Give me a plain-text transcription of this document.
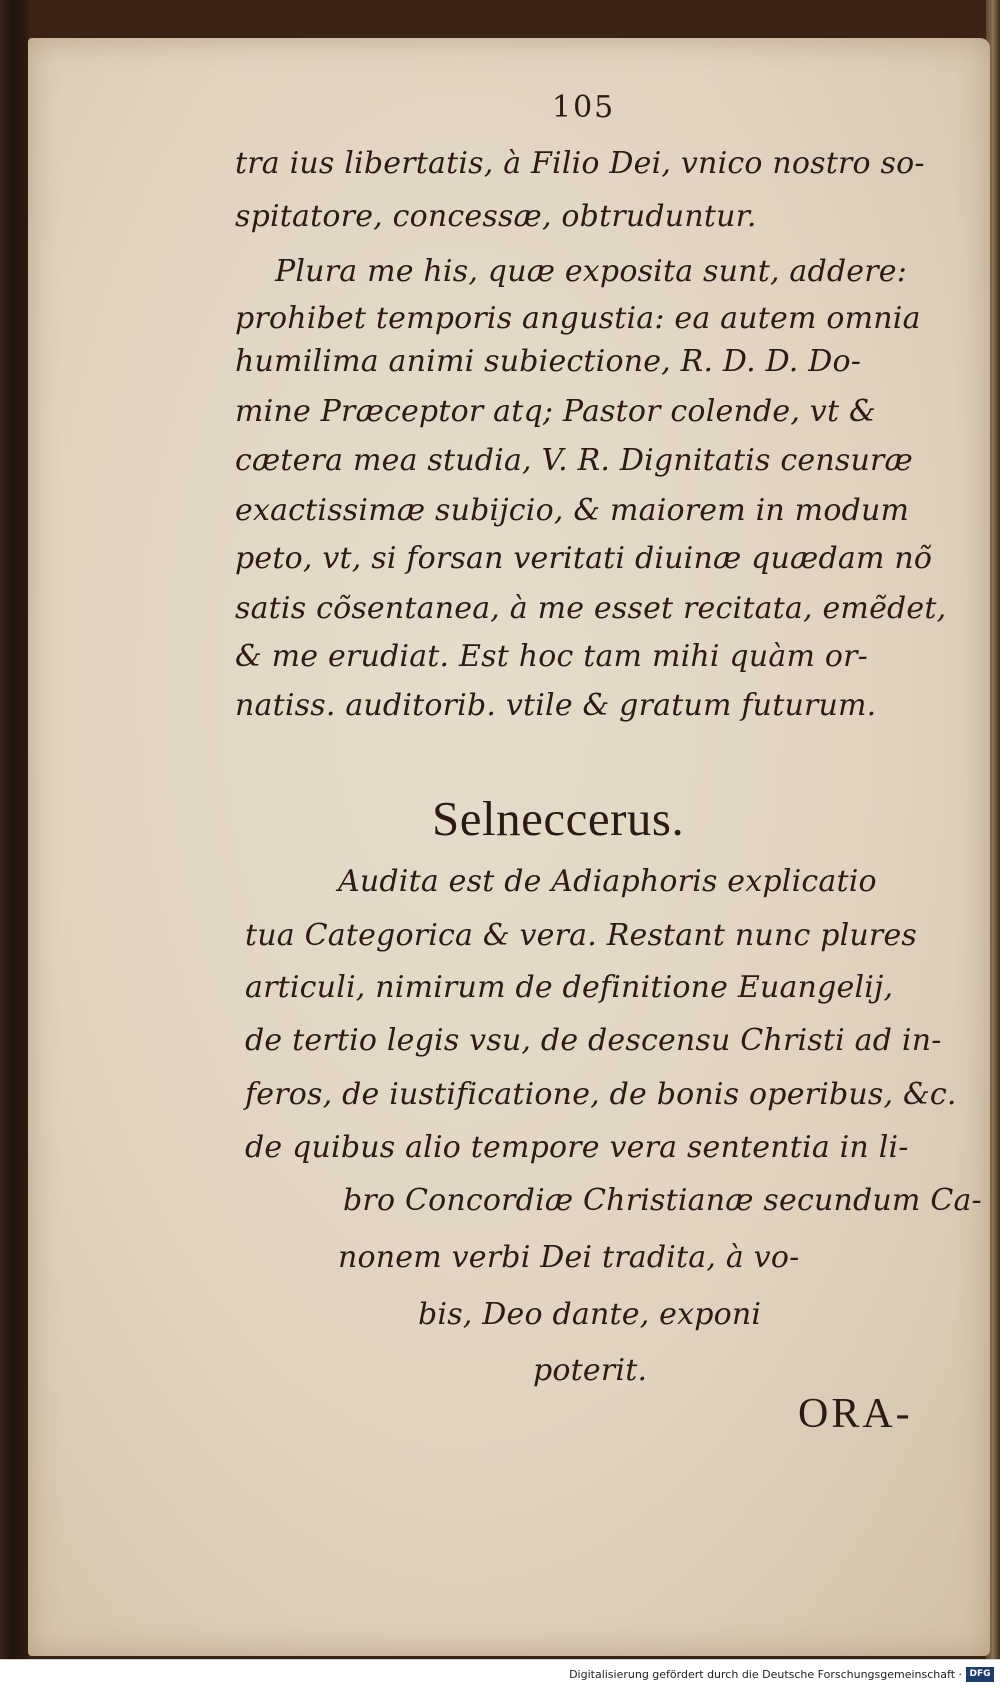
105
tra ius libertatis, à Filio Dei, vnico nostro so-
spitatore, concessæ, obtruduntur.
Plura me his, quæ exposita sunt, addere:
prohibet temporis angustia: ea autem omnia
humilima animi subiectione, R. D. D. Do-
mine Præceptor atq; Pastor colende, vt &
cætera mea studia, V. R. Dignitatis censuræ
exactissimæ subijcio, & maiorem in modum
peto, vt, si forsan veritati diuinæ quædam nõ
satis cõsentanea, à me esset recitata, emẽdet,
& me erudiat. Est hoc tam mihi quàm or-
natiss. auditorib. vtile & gratum futurum.
Selneccerus.
Audita est de Adiaphoris explicatio
tua Categorica & vera. Restant nunc plures
articuli, nimirum de definitione Euangelij,
de tertio legis vsu, de descensu Christi ad in-
feros, de iustificatione, de bonis operibus, &c.
de quibus alio tempore vera sententia in li-
bro Concordiæ Christianæ secundum Ca-
nonem verbi Dei tradita, à vo-
bis, Deo dante, exponi
poterit.
ORA-
Digitalisierung gefördert durch die Deutsche Forschungsgemeinschaft · DFG
